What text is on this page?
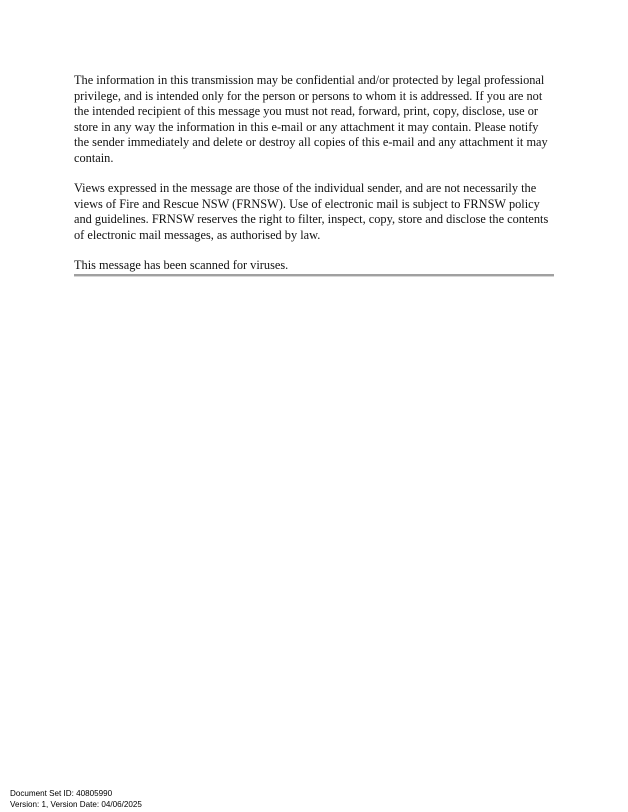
The information in this transmission may be confidential and/or protected by legal professional privilege, and is intended only for the person or persons to whom it is addressed. If you are not the intended recipient of this message you must not read, forward, print, copy, disclose, use or store in any way the information in this e-mail or any attachment it may contain. Please notify the sender immediately and delete or destroy all copies of this e-mail and any attachment it may contain.

Views expressed in the message are those of the individual sender, and are not necessarily the views of Fire and Rescue NSW (FRNSW). Use of electronic mail is subject to FRNSW policy and guidelines. FRNSW reserves the right to filter, inspect, copy, store and disclose the contents of electronic mail messages, as authorised by law.

This message has been scanned for viruses.

Document Set ID: 40805990
Version: 1, Version Date: 04/06/2025
